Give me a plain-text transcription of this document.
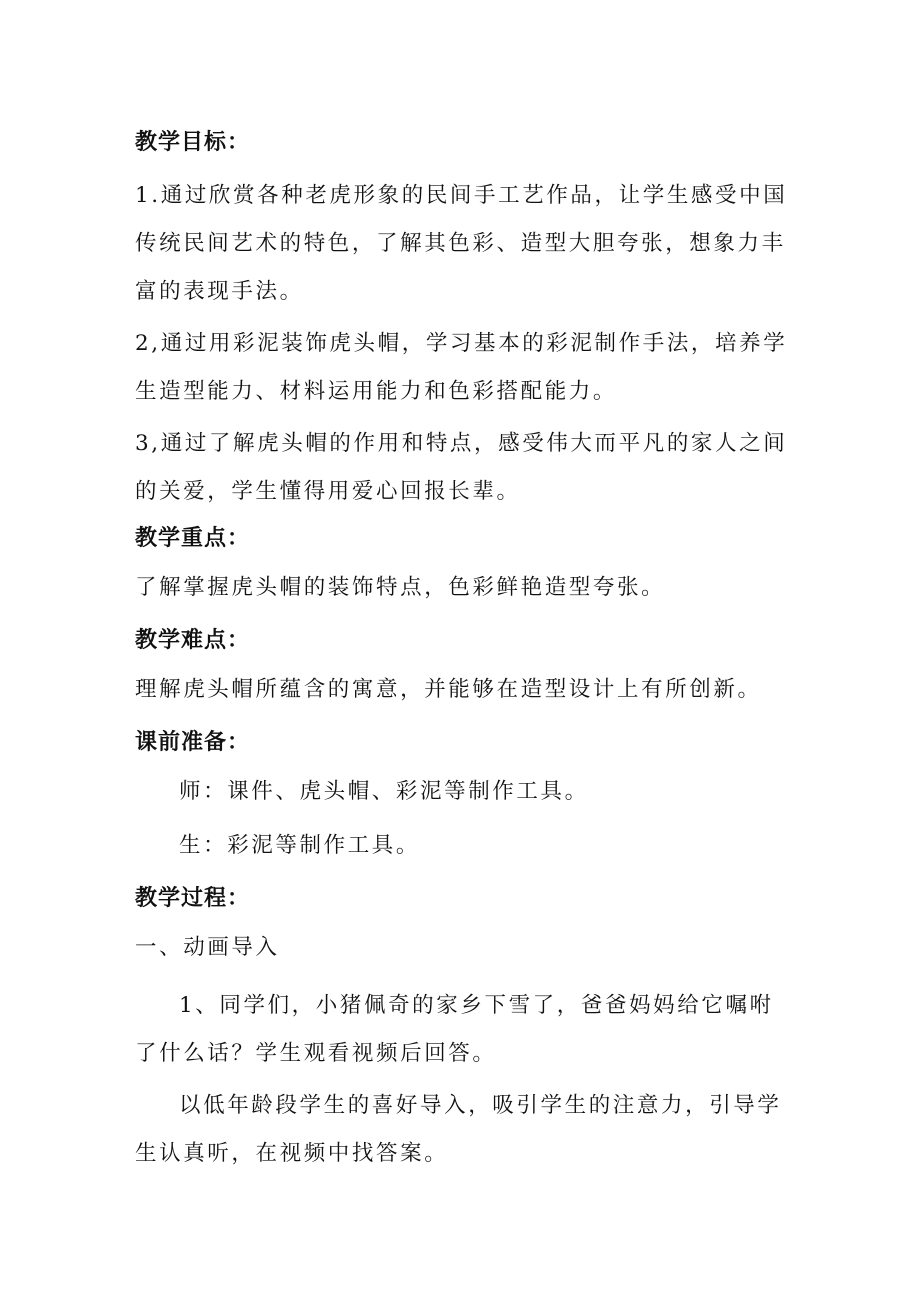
教学目标：
1.通过欣赏各种老虎形象的民间手工艺作品，让学生感受中国传统民间艺术的特色，了解其色彩、造型大胆夸张，想象力丰富的表现手法。
2,通过用彩泥装饰虎头帽，学习基本的彩泥制作手法，培养学生造型能力、材料运用能力和色彩搭配能力。
3,通过了解虎头帽的作用和特点，感受伟大而平凡的家人之间的关爱，学生懂得用爱心回报长辈。
教学重点：
了解掌握虎头帽的装饰特点，色彩鲜艳造型夸张。
教学难点：
理解虎头帽所蕴含的寓意，并能够在造型设计上有所创新。
课前准备：
师：课件、虎头帽、彩泥等制作工具。
生：彩泥等制作工具。
教学过程：
一、动画导入
1、同学们，小猪佩奇的家乡下雪了，爸爸妈妈给它嘱咐了什么话？学生观看视频后回答。
以低年龄段学生的喜好导入，吸引学生的注意力，引导学生认真听，在视频中找答案。
